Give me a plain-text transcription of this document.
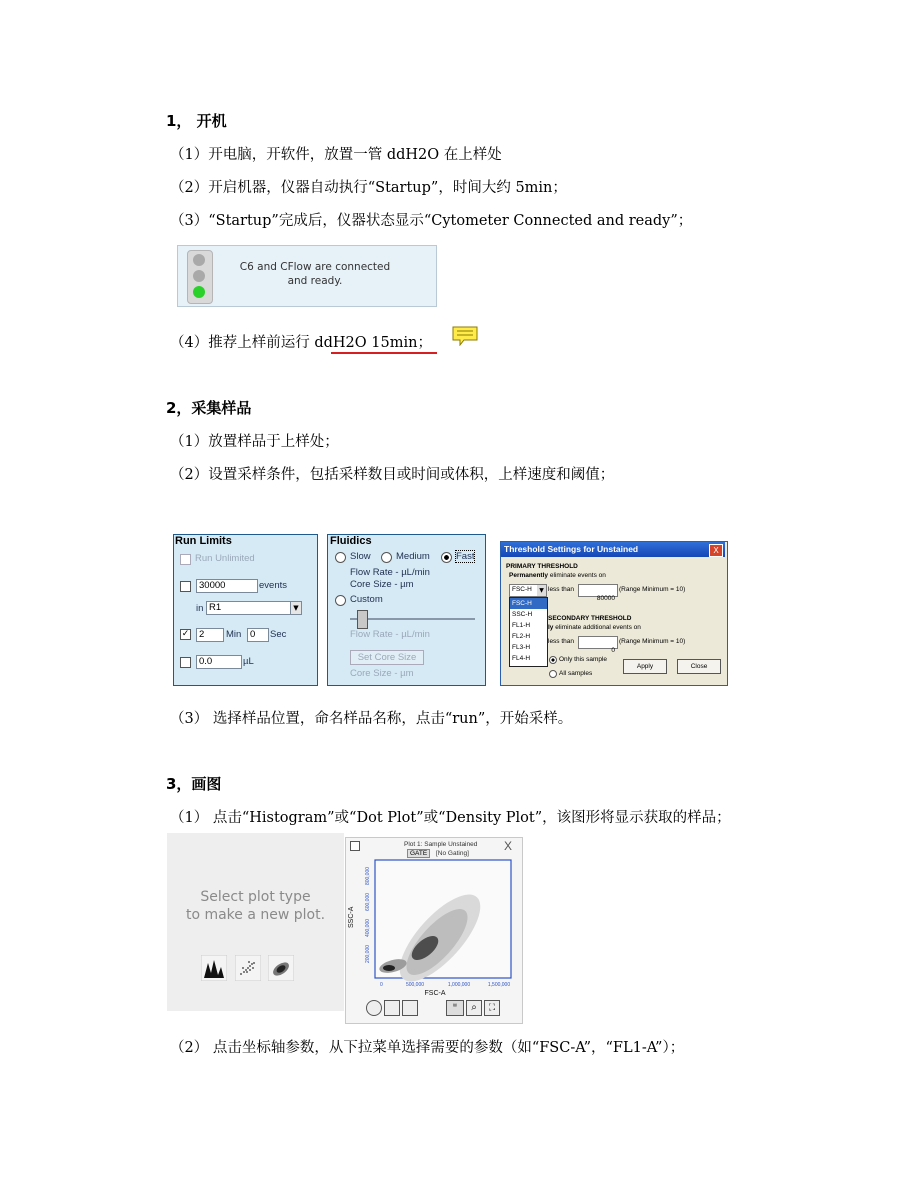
1， 开机
（1）开电脑，开软件，放置一管 ddH2O 在上样处
（2）开启机器，仪器自动执行“Startup”，时间大约 5min；
（3）“Startup”完成后，仪器状态显示“Cytometer Connected and ready”；
C6 and CFlow are connected
and ready.
（4）推荐上样前运行 ddH2O 15min；
2，采集样品
（1）放置样品于上样处；
（2）设置采样条件，包括采样数目或时间或体积，上样速度和阈值；
Run Limits
Run Unlimited
30000	events
in R1	▼
✓	2	Min 0	Sec
0.0	µL
Fluidics
Slow	Medium	Fast
Flow Rate - µL/min
Core Size - µm
Custom
Flow Rate - µL/min
Set Core Size
Core Size - µm
Threshold Settings for Unstained	X
PRIMARY THRESHOLD
Permanently eliminate events on
FSC-H	▼ less than
80000
(Range Minimum = 10)
FSC-H
SSC-H
FL1-H
FL2-H
FL3-H
FL4-H
SECONDARY THRESHOLD
ly eliminate additional events on
less than
0
(Range Minimum = 10)
Only this sample
All samples
Apply	Close
（3） 选择样品位置，命名样品名称，点击“run”，开始采样。
3，画图
（1） 点击“Histogram”或“Dot Plot”或“Density Plot”，该图形将显示获取的样品；
Select plot type
to make a new plot.
Plot 1: Sample Unstained
GATE	[No Gating]
X
0
SSC-A
FSC-A
500,000	1,000,000	1,500,000
200,000
400,000
600,000
800,000
▤	⌕	⛶
（2） 点击坐标轴参数，从下拉菜单选择需要的参数（如“FSC-A”，“FL1-A”）；
